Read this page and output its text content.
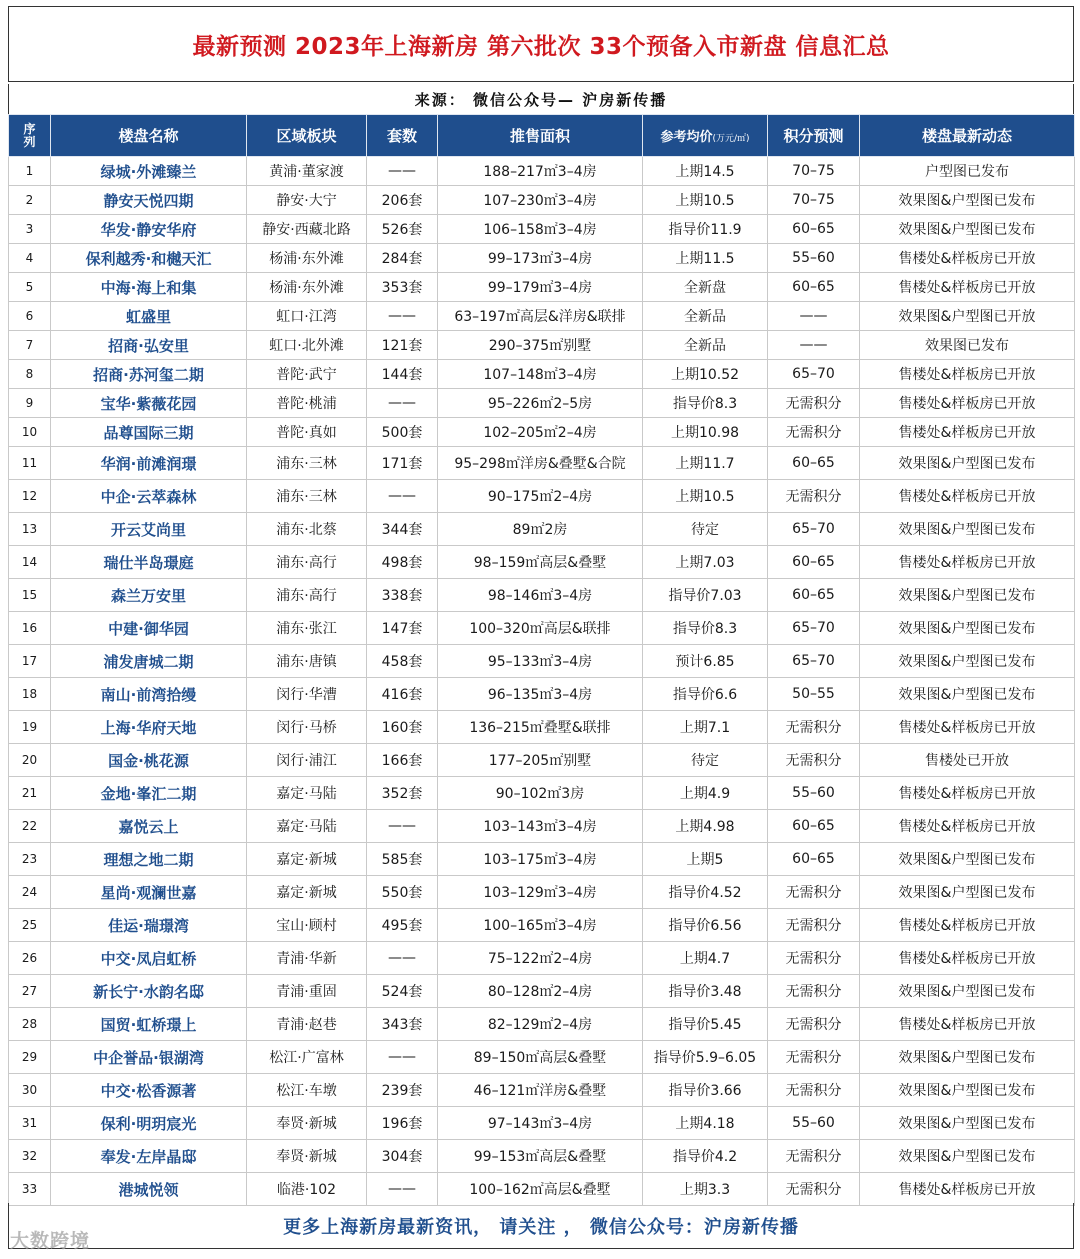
最新预测 2023年上海新房 第六批次 33个预备入市新盘 信息汇总
来源： 微信公众号— 沪房新传播
序
列	楼盘名称	区域板块	套数	推售面积	参考均价(万元/㎡)	积分预测	楼盘最新动态
1	绿城·外滩臻兰	黄浦·董家渡	——	188–217㎡3–4房	上期14.5	70–75	户型图已发布
2	静安天悦四期	静安·大宁	206套	107–230㎡3–4房	上期10.5	70–75	效果图&户型图已发布
3	华发·静安华府	静安·西藏北路	526套	106–158㎡3–4房	指导价11.9	60–65	效果图&户型图已发布
4	保利越秀·和樾天汇	杨浦·东外滩	284套	99–173㎡3–4房	上期11.5	55–60	售楼处&样板房已开放
5	中海·海上和集	杨浦·东外滩	353套	99–179㎡3–4房	全新盘	60–65	售楼处&样板房已开放
6	虹盛里	虹口·江湾	——	63–197㎡高层&洋房&联排	全新品	——	效果图&户型图已开放
7	招商·弘安里	虹口·北外滩	121套	290–375㎡别墅	全新品	——	效果图已发布
8	招商·苏河玺二期	普陀·武宁	144套	107–148㎡3–4房	上期10.52	65–70	售楼处&样板房已开放
9	宝华·紫薇花园	普陀·桃浦	——	95–226㎡2–5房	指导价8.3	无需积分	售楼处&样板房已开放
10	品尊国际三期	普陀·真如	500套	102–205㎡2–4房	上期10.98	无需积分	售楼处&样板房已开放
11	华润·前滩润璟	浦东·三林	171套	95–298㎡洋房&叠墅&合院	上期11.7	60–65	效果图&户型图已发布
12	中企·云萃森林	浦东·三林	——	90–175㎡2–4房	上期10.5	无需积分	售楼处&样板房已开放
13	开云艾尚里	浦东·北蔡	344套	89㎡2房	待定	65–70	效果图&户型图已发布
14	瑞仕半岛璟庭	浦东·高行	498套	98–159㎡高层&叠墅	上期7.03	60–65	售楼处&样板房已开放
15	森兰万安里	浦东·高行	338套	98–146㎡3–4房	指导价7.03	60–65	效果图&户型图已发布
16	中建·御华园	浦东·张江	147套	100–320㎡高层&联排	指导价8.3	65–70	效果图&户型图已发布
17	浦发唐城二期	浦东·唐镇	458套	95–133㎡3–4房	预计6.85	65–70	效果图&户型图已发布
18	南山·前湾拾缦	闵行·华漕	416套	96–135㎡3–4房	指导价6.6	50–55	效果图&户型图已发布
19	上海·华府天地	闵行·马桥	160套	136–215㎡叠墅&联排	上期7.1	无需积分	售楼处&样板房已开放
20	国金·桃花源	闵行·浦江	166套	177–205㎡别墅	待定	无需积分	售楼处已开放
21	金地·峯汇二期	嘉定·马陆	352套	90–102㎡3房	上期4.9	55–60	售楼处&样板房已开放
22	嘉悦云上	嘉定·马陆	——	103–143㎡3–4房	上期4.98	60–65	售楼处&样板房已开放
23	理想之地二期	嘉定·新城	585套	103–175㎡3–4房	上期5	60–65	效果图&户型图已发布
24	星尚·观澜世嘉	嘉定·新城	550套	103–129㎡3–4房	指导价4.52	无需积分	效果图&户型图已发布
25	佳运·瑞璟湾	宝山·顾村	495套	100–165㎡3–4房	指导价6.56	无需积分	售楼处&样板房已开放
26	中交·凤启虹桥	青浦·华新	——	75–122㎡2–4房	上期4.7	无需积分	售楼处&样板房已开放
27	新长宁·水韵名邸	青浦·重固	524套	80–128㎡2–4房	指导价3.48	无需积分	效果图&户型图已发布
28	国贸·虹桥璟上	青浦·赵巷	343套	82–129㎡2–4房	指导价5.45	无需积分	售楼处&样板房已开放
29	中企誉品·银湖湾	松江·广富林	——	89–150㎡高层&叠墅	指导价5.9–6.05	无需积分	效果图&户型图已发布
30	中交·松香源著	松江·车墩	239套	46–121㎡洋房&叠墅	指导价3.66	无需积分	效果图&户型图已发布
31	保利·明玥宸光	奉贤·新城	196套	97–143㎡3–4房	上期4.18	55–60	效果图&户型图已发布
32	奉发·左岸晶邸	奉贤·新城	304套	99–153㎡高层&叠墅	指导价4.2	无需积分	效果图&户型图已发布
33	港城悦领	临港·102	——	100–162㎡高层&叠墅	上期3.3	无需积分	售楼处&样板房已开放
更多上海新房最新资讯， 请关注 ， 微信公众号：沪房新传播
大数跨境
